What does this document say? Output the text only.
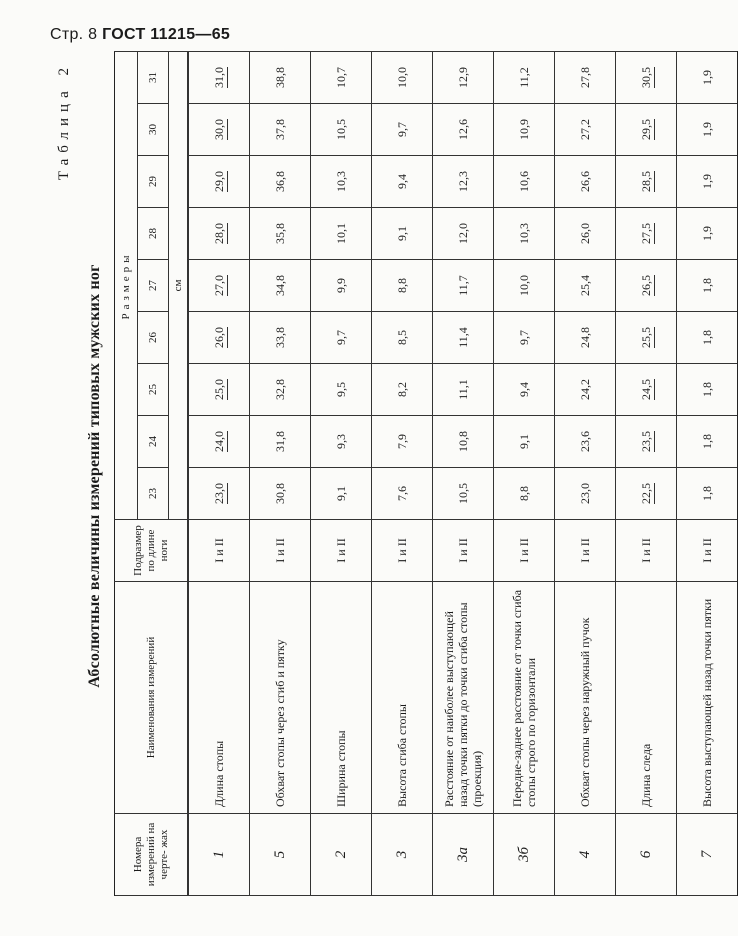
Стр. 8 ГОСТ 11215—65
Таблица 2
Абсолютные величины измерений типовых мужских ног
Номера измерений на черте- жах	Наименования измерений	Подразмер по длине ноги	Размеры								
			23	24	25	26	27	28	29	30	31
			см								
1	Длина стопы	I и II	23,0	24,0	25,0	26,0	27,0	28,0	29,0	30,0	31,0
5	Обхват стопы через сгиб и пятку	I и II	30,8	31,8	32,8	33,8	34,8	35,8	36,8	37,8	38,8
2	Ширина стопы	I и II	9,1	9,3	9,5	9,7	9,9	10,1	10,3	10,5	10,7
3	Высота сгиба стопы	I и II	7,6	7,9	8,2	8,5	8,8	9,1	9,4	9,7	10,0
3а	Расстояние от наиболее выступающей назад точки пятки до точки сгиба стопы (проекция)	I и II	10,5	10,8	11,1	11,4	11,7	12,0	12,3	12,6	12,9
3б	Передне-заднее расстояние от точки сгиба стопы строго по горизонтали	I и II	8,8	9,1	9,4	9,7	10,0	10,3	10,6	10,9	11,2
4	Обхват стопы через наружный пучок	I и II	23,0	23,6	24,2	24,8	25,4	26,0	26,6	27,2	27,8
6	Длина следа	I и II	22,5	23,5	24,5	25,5	26,5	27,5	28,5	29,5	30,5
7	Высота выступающей назад точки пятки	I и II	1,8	1,8	1,8	1,8	1,8	1,9	1,9	1,9	1,9
